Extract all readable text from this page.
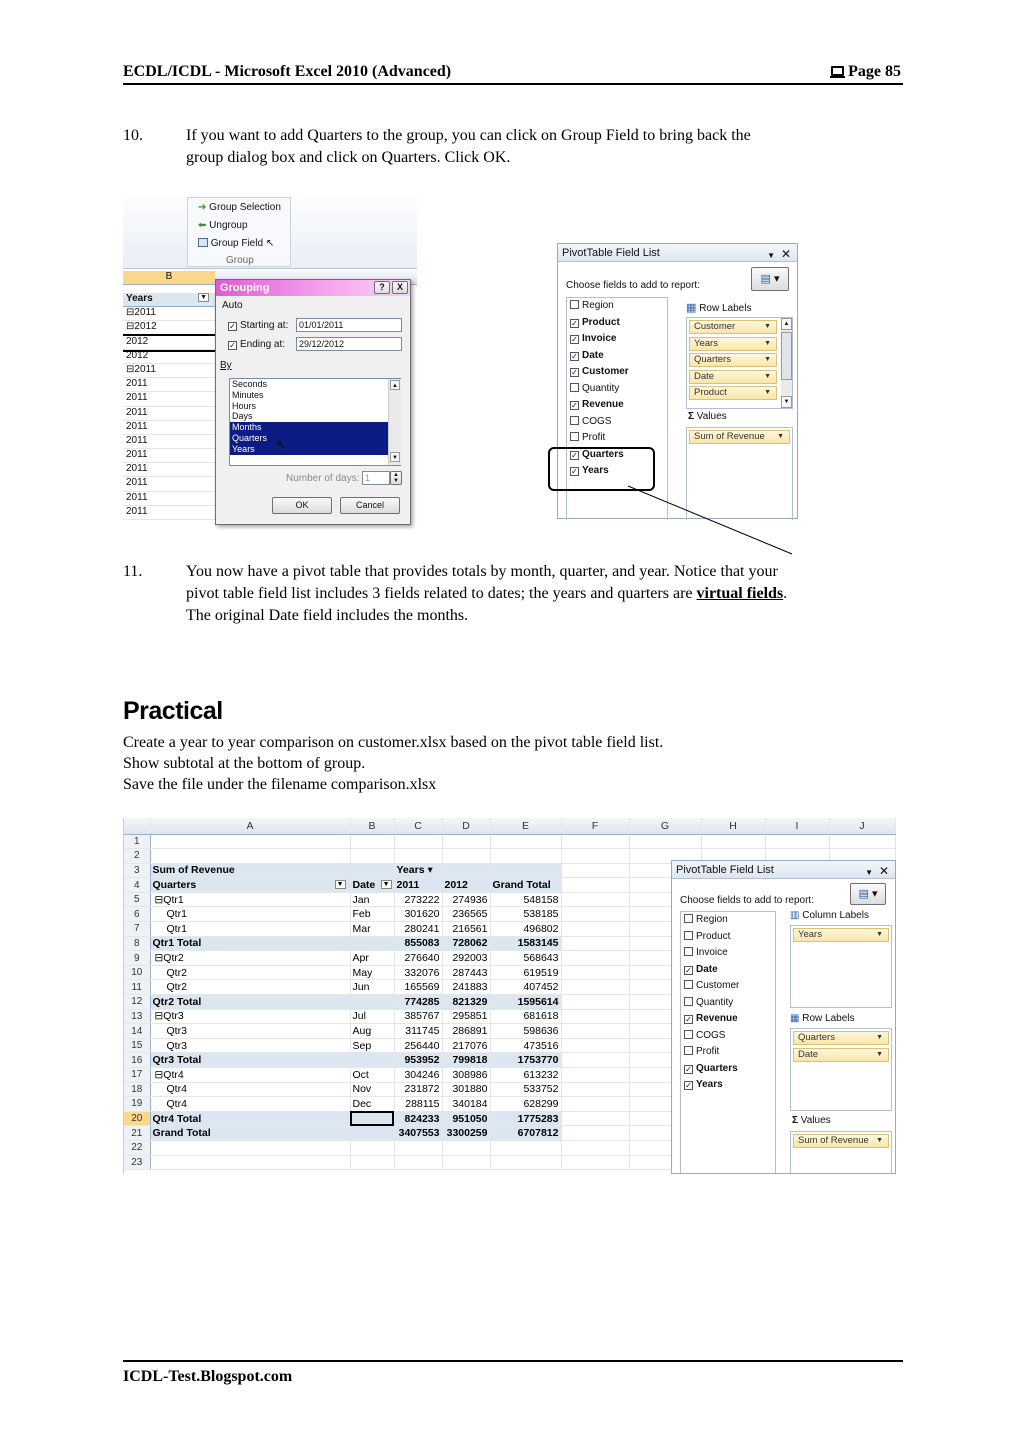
ECDL/ICDL - Microsoft Excel 2010 (Advanced)	Page 85
10.	If you want to add Quarters to the group, you can click on Group Field to bring back the
group dialog box and click on Quarters. Click OK.
➔ Group Selection
⬅ Ungroup
Group Field ↖
Group
B
Years	▼
⊟2011
⊟2012
2012
2012
⊟2011
2011
2011
2011
2011
2011
2011
2011
2011
2011
2011
Grouping	?	X
Auto
✓ Starting at:	01/01/2011
✓ Ending at:	29/12/2012
By
Seconds
Minutes
Hours
Days
Months
Quarters
Years
▲
▼
↖
Number of days: 1	▲
▼
OK	Cancel
PivotTable Field List	▼ ✕
Choose fields to add to report:
▤ ▾
Region
✓ Product
✓ Invoice
✓ Date
✓ Customer
Quantity
✓ Revenue
COGS
Profit
✓ Quarters
✓ Years
▦ Row Labels
Customer ▼
Years ▼
Quarters ▼
Date ▼
Product ▼
▲
▼
Σ Values
Sum of Revenue ▼
11.	You now have a pivot table that provides totals by month, quarter, and year. Notice that your
pivot table field list includes 3 fields related to dates; the years and quarters are virtual fields.
The original Date field includes the months.
Practical
Create a year to year comparison on customer.xlsx based on the pivot table field list.
Show subtotal at the bottom of group.
Save the file under the filename comparison.xlsx
	A	B	C	D	E	F	G	H	I	J
1										
2										
3	Sum of Revenue		Years ▾							
4	Quarters ▼	Date ▼	2011	2012	Grand Total					
5	⊟Qtr1	Jan	273222	274936	548158					
6	Qtr1	Feb	301620	236565	538185					
7	Qtr1	Mar	280241	216561	496802					
8	Qtr1 Total		855083	728062	1583145					
9	⊟Qtr2	Apr	276640	292003	568643					
10	Qtr2	May	332076	287443	619519					
11	Qtr2	Jun	165569	241883	407452					
12	Qtr2 Total		774285	821329	1595614					
13	⊟Qtr3	Jul	385767	295851	681618					
14	Qtr3	Aug	311745	286891	598636					
15	Qtr3	Sep	256440	217076	473516					
16	Qtr3 Total		953952	799818	1753770					
17	⊟Qtr4	Oct	304246	308986	613232					
18	Qtr4	Nov	231872	301880	533752					
19	Qtr4	Dec	288115	340184	628299					
20	Qtr4 Total		824233	951050	1775283					
21	Grand Total		3407553	3300259	6707812					
22										
23										
PivotTable Field List	▼ ✕
Choose fields to add to report:
▤ ▾
Region
Product
Invoice
✓ Date
Customer
Quantity
✓ Revenue
COGS
Profit
✓ Quarters
✓ Years
▥ Column Labels
Years ▼
▦ Row Labels
Quarters ▼
Date ▼
Σ Values
Sum of Revenue ▼
ICDL-Test.Blogspot.com
